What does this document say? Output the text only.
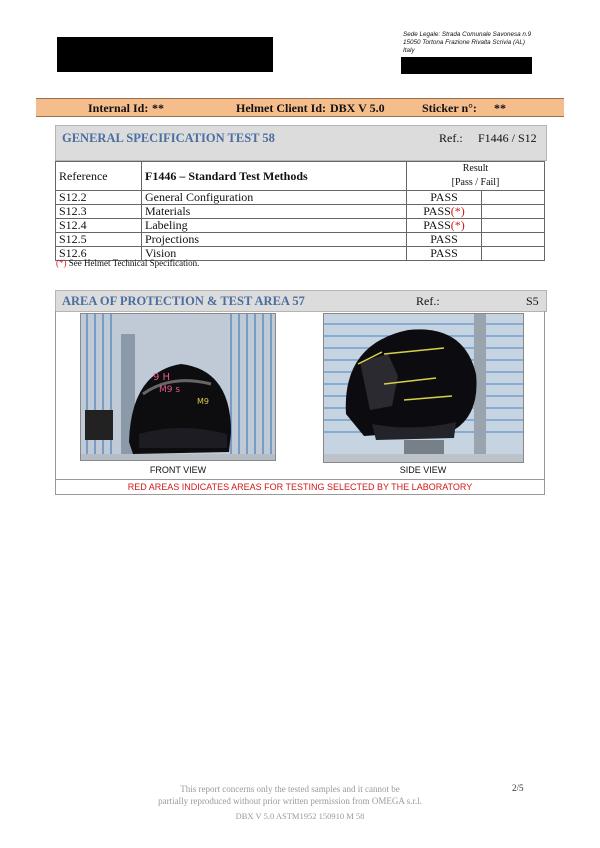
Sede Legale: Strada Comunale Savonesa n.9
15050 Tortona Frazione Rivalta Scrivia (AL)
Italy
Internal Id: **	Helmet Client Id: DBX V 5.0	Sticker n°: **
GENERAL SPECIFICATION TEST 58	Ref.: F1446 / S12
Reference	F1446 – Standard Test Methods	Result
[Pass / Fail]	

S12.2	General Configuration	PASS	
S12.3	Materials	PASS(*)	
S12.4	Labeling	PASS(*)	
S12.5	Projections	PASS	
S12.6	Vision	PASS	
(*) See Helmet Technical Specification.
AREA OF PROTECTION & TEST AREA 57	Ref.:	S5
9 H
M9 s
M9
FRONT VIEW	SIDE VIEW
RED AREAS INDICATES AREAS FOR TESTING SELECTED BY THE LABORATORY
This report concerns only the tested samples and it cannot be
partially reproduced without prior written permission from OMEGA s.r.l.
2/5
DBX V 5.0 ASTM1952 150910 M 58
